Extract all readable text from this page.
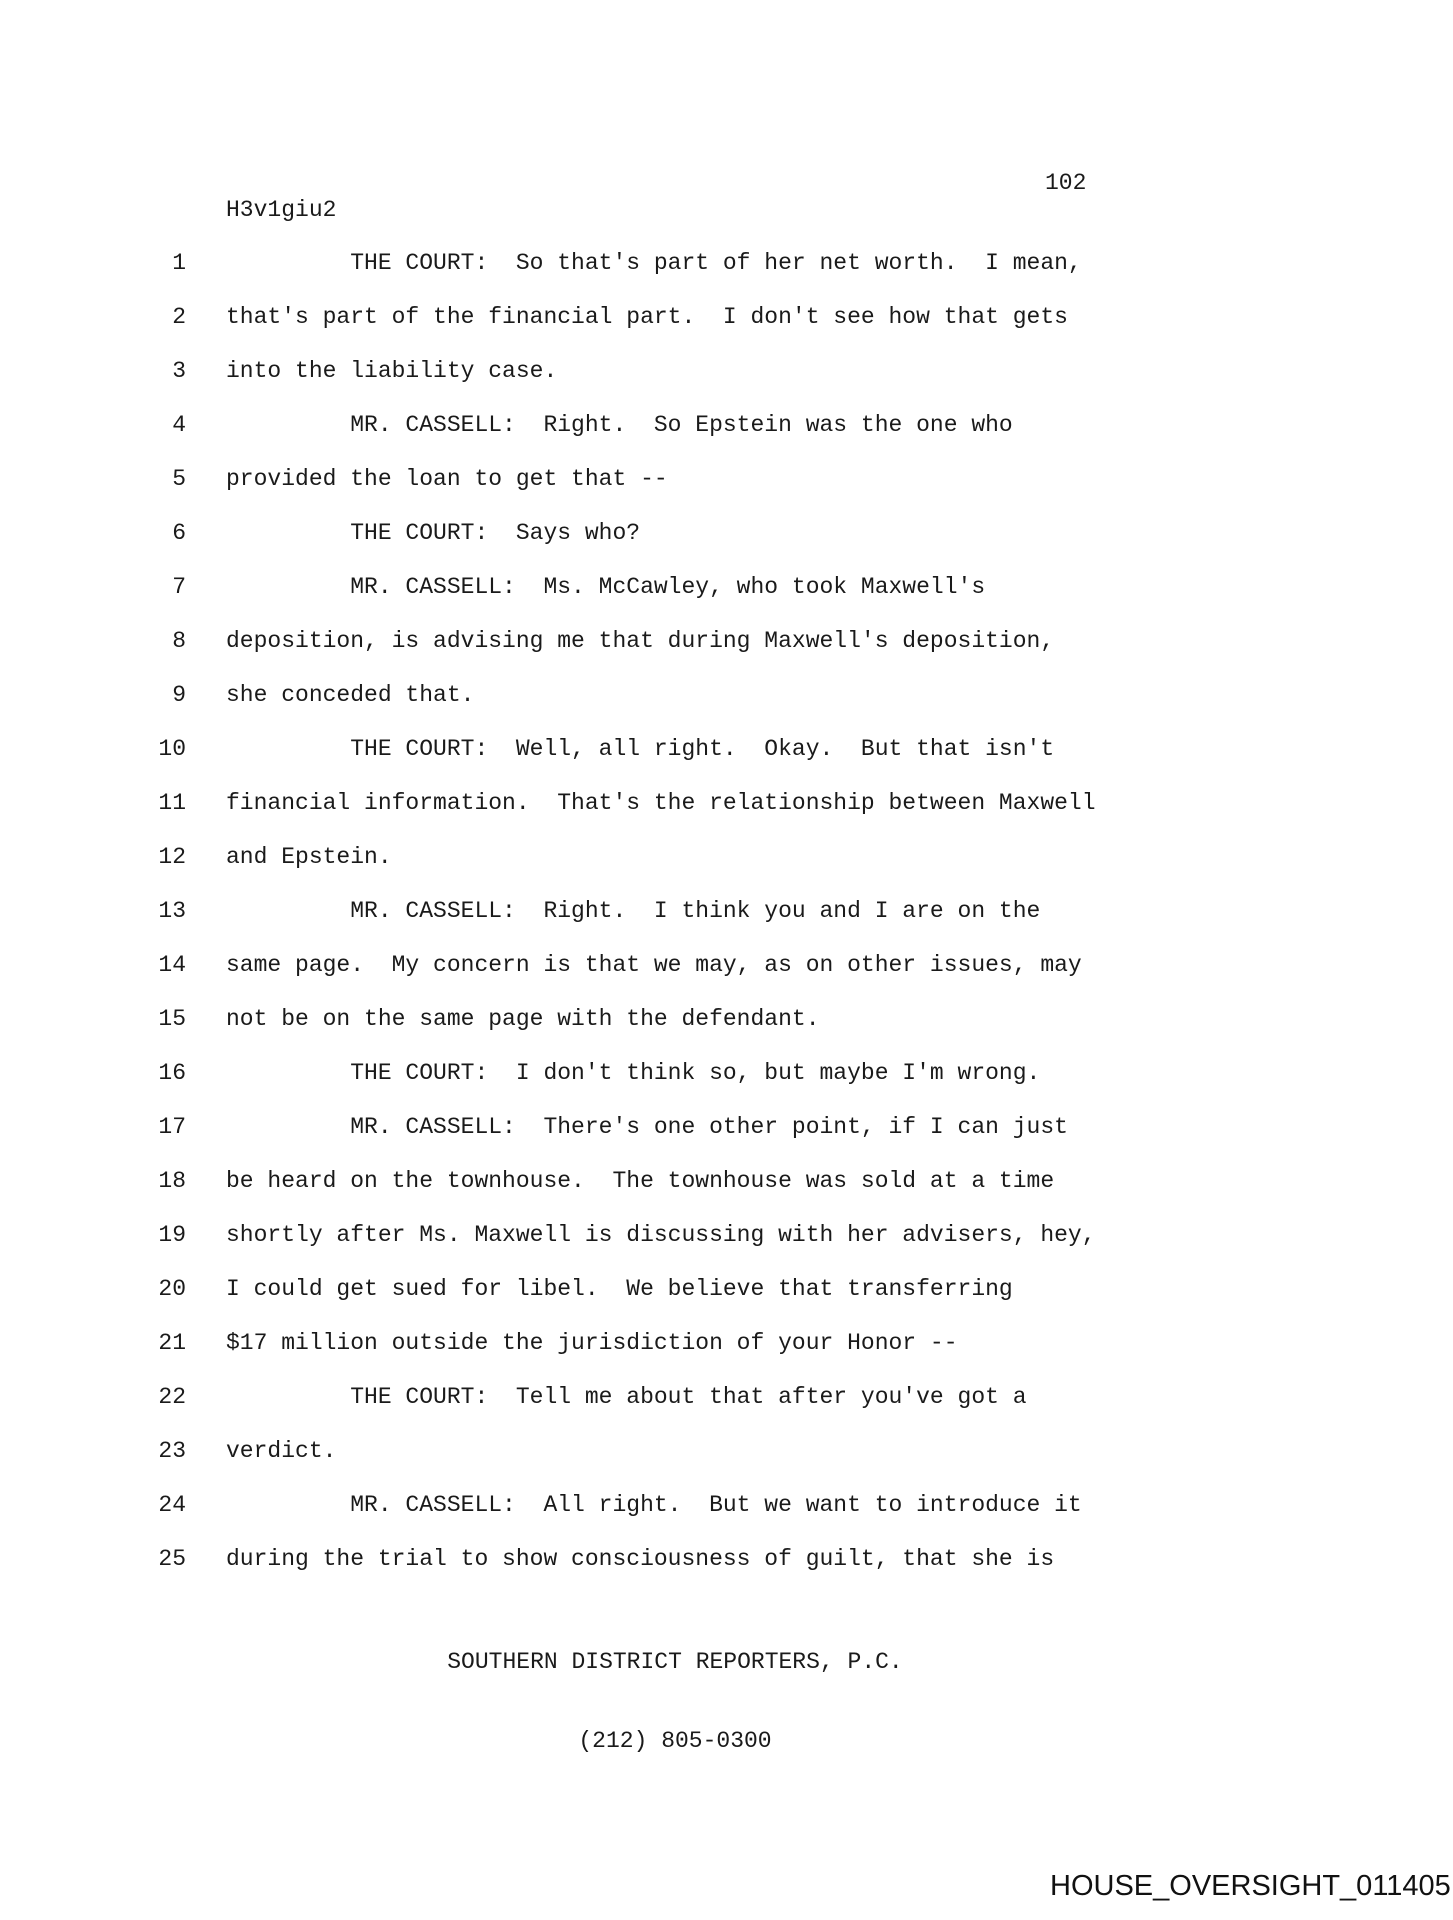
102
H3v1giu2
1 THE COURT:  So that's part of her net worth.  I mean,
2 that's part of the financial part.  I don't see how that gets
3 into the liability case.
4 MR. CASSELL:  Right.  So Epstein was the one who
5 provided the loan to get that --
6 THE COURT:  Says who?
7 MR. CASSELL:  Ms. McCawley, who took Maxwell's
8 deposition, is advising me that during Maxwell's deposition,
9 she conceded that.
10 THE COURT:  Well, all right.  Okay.  But that isn't
11 financial information.  That's the relationship between Maxwell
12 and Epstein.
13 MR. CASSELL:  Right.  I think you and I are on the
14 same page.  My concern is that we may, as on other issues, may
15 not be on the same page with the defendant.
16 THE COURT:  I don't think so, but maybe I'm wrong.
17 MR. CASSELL:  There's one other point, if I can just
18 be heard on the townhouse.  The townhouse was sold at a time
19 shortly after Ms. Maxwell is discussing with her advisers, hey,
20 I could get sued for libel.  We believe that transferring
21 $17 million outside the jurisdiction of your Honor --
22 THE COURT:  Tell me about that after you've got a
23 verdict.
24 MR. CASSELL:  All right.  But we want to introduce it
25 during the trial to show consciousness of guilt, that she is

SOUTHERN DISTRICT REPORTERS, P.C.

(212) 805-0300

HOUSE_OVERSIGHT_011405
